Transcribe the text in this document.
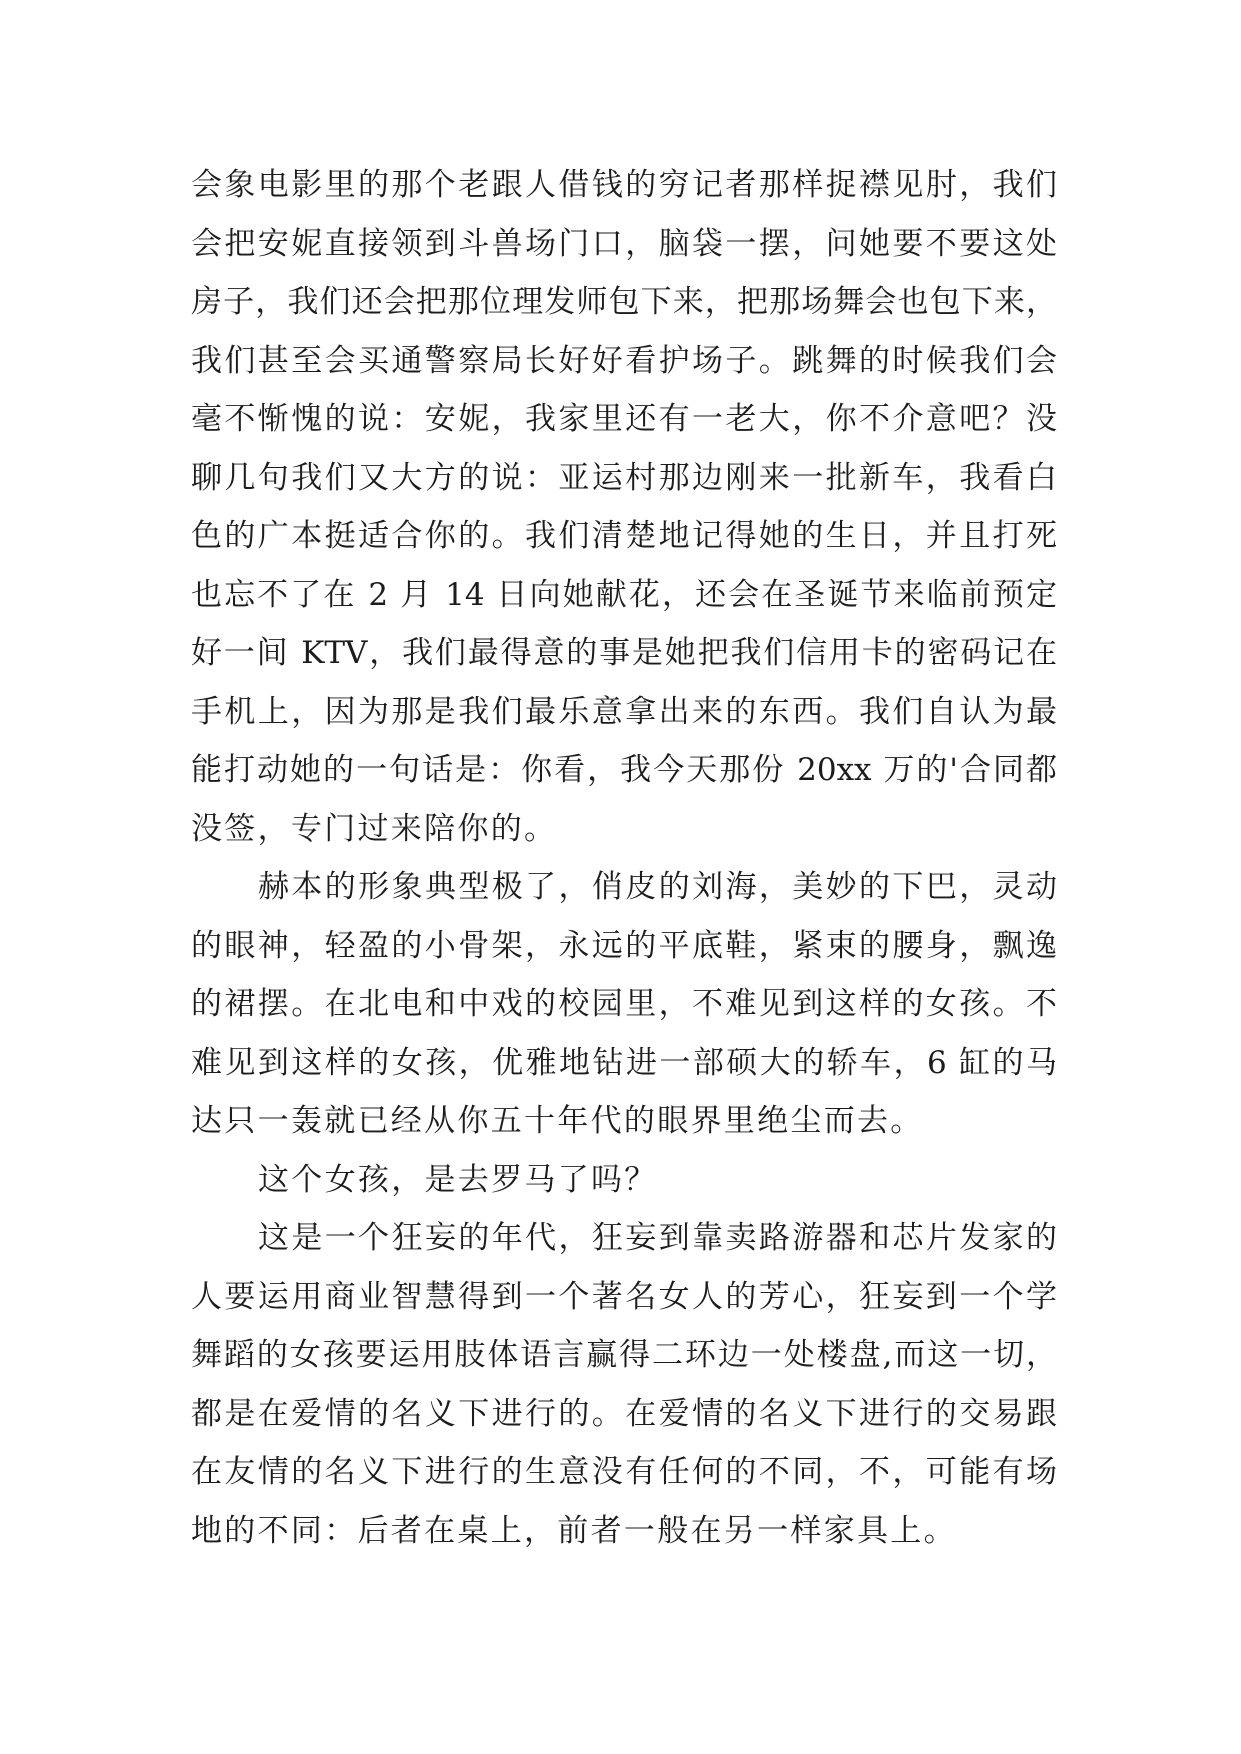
会象电影里的那个老跟人借钱的穷记者那样捉襟见肘，我们
会把安妮直接领到斗兽场门口，脑袋一摆，问她要不要这处
房子，我们还会把那位理发师包下来，把那场舞会也包下来，
我们甚至会买通警察局长好好看护场子。跳舞的时候我们会
毫不惭愧的说：安妮，我家里还有一老大，你不介意吧？没
聊几句我们又大方的说：亚运村那边刚来一批新车，我看白
色的广本挺适合你的。我们清楚地记得她的生日，并且打死
也忘不了在 2 月 14 日向她献花，还会在圣诞节来临前预定
好一间 KTV，我们最得意的事是她把我们信用卡的密码记在
手机上，因为那是我们最乐意拿出来的东西。我们自认为最
能打动她的一句话是：你看，我今天那份 20xx 万的'合同都
没签，专门过来陪你的。
赫本的形象典型极了，俏皮的刘海，美妙的下巴，灵动
的眼神，轻盈的小骨架，永远的平底鞋，紧束的腰身，飘逸
的裙摆。在北电和中戏的校园里，不难见到这样的女孩。不
难见到这样的女孩，优雅地钻进一部硕大的轿车，6 缸的马
达只一轰就已经从你五十年代的眼界里绝尘而去。
这个女孩，是去罗马了吗？
这是一个狂妄的年代，狂妄到靠卖路游器和芯片发家的
人要运用商业智慧得到一个著名女人的芳心，狂妄到一个学
舞蹈的女孩要运用肢体语言赢得二环边一处楼盘,而这一切，
都是在爱情的名义下进行的。在爱情的名义下进行的交易跟
在友情的名义下进行的生意没有任何的不同，不，可能有场
地的不同：后者在桌上，前者一般在另一样家具上。
